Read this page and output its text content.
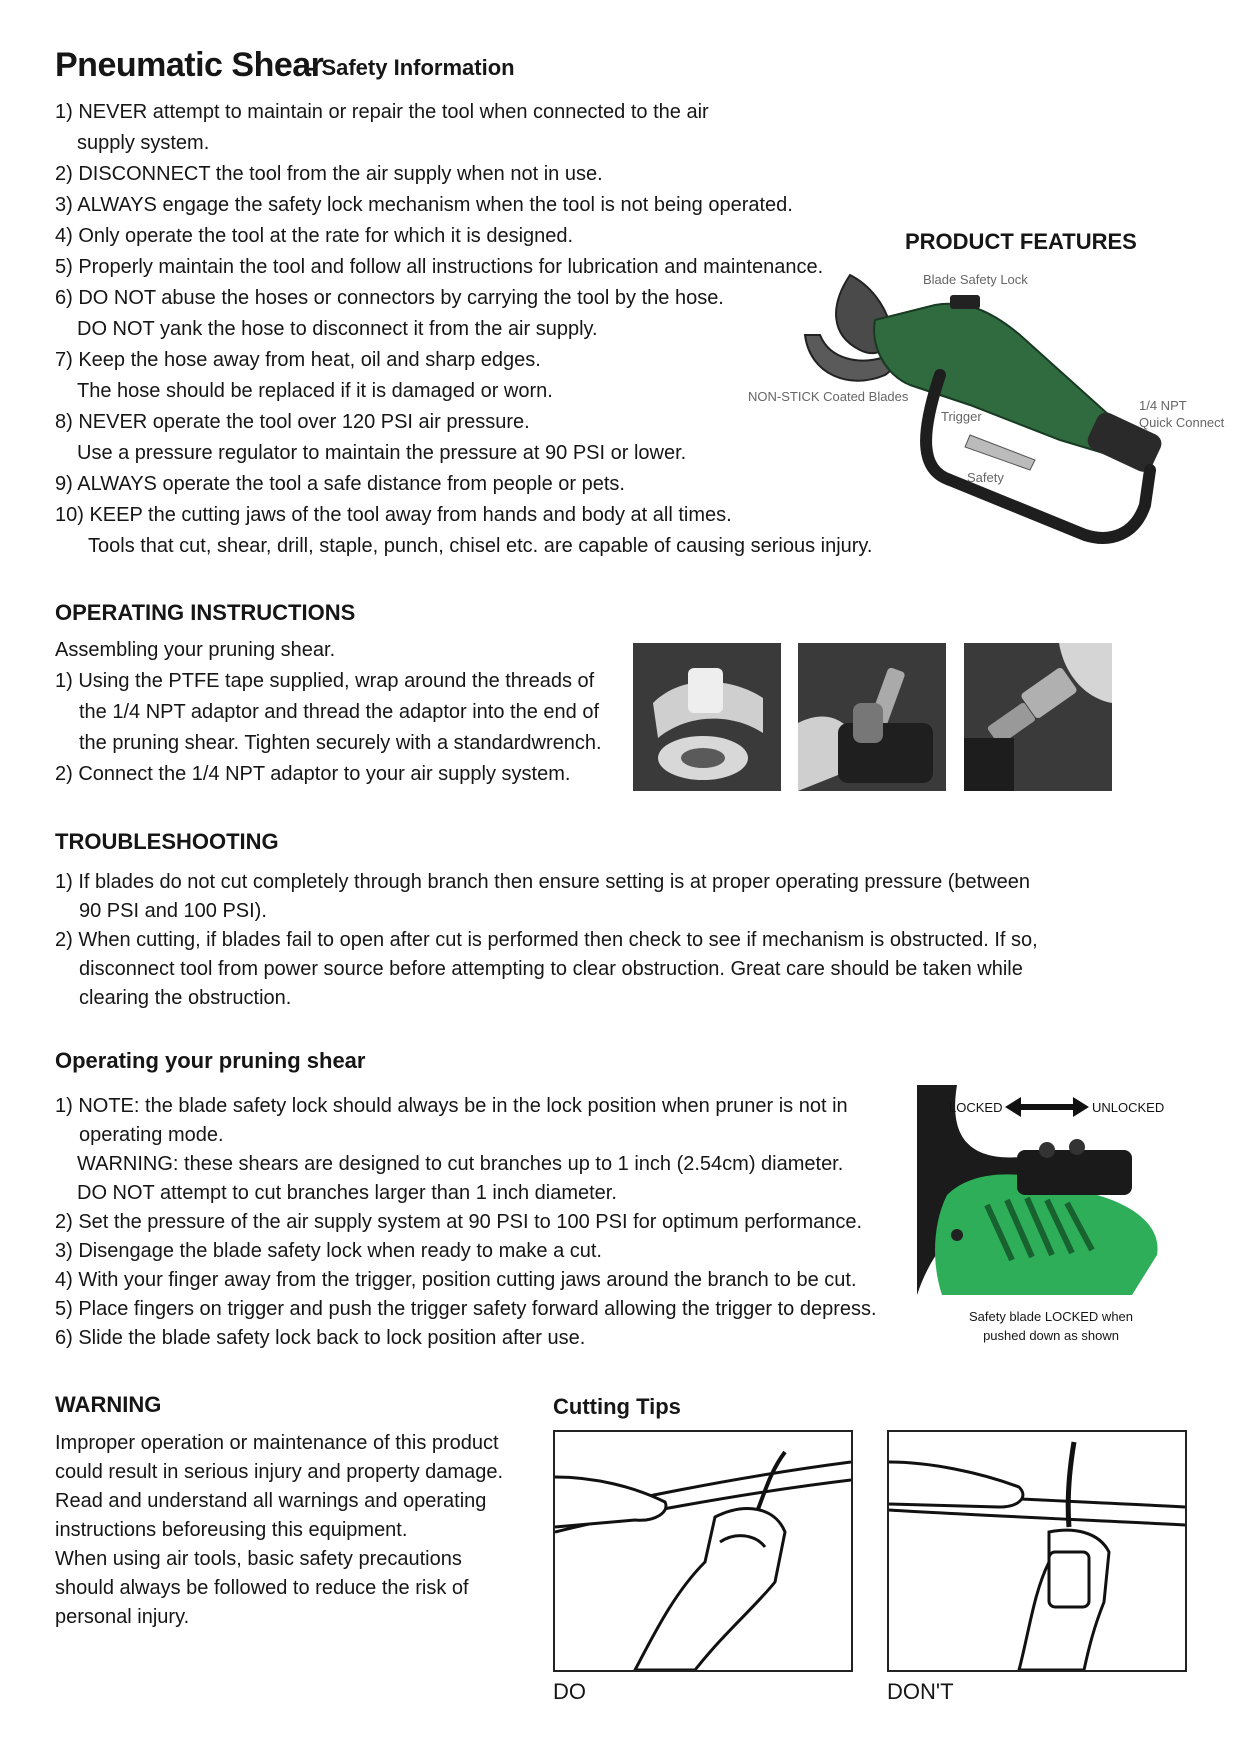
Pneumatic Shear
- Safety Information
1) NEVER attempt to maintain or repair the tool when connected to the air
supply system.
2) DISCONNECT the tool from the air supply when not in use.
3) ALWAYS engage the safety lock mechanism when the tool is not being operated.
4) Only operate the tool at the rate for which it is designed.
5) Properly maintain the tool and follow all instructions for lubrication and maintenance.
6) DO NOT abuse the hoses or connectors by carrying the tool by the hose.
DO NOT yank the hose to disconnect it from the air supply.
7) Keep the hose away from heat, oil and sharp edges.
The hose should be replaced if it is damaged or worn.
8) NEVER operate the tool over 120 PSI air pressure.
Use a pressure regulator to maintain the pressure at 90 PSI or lower.
9) ALWAYS operate the tool a safe distance from people or pets.
10) KEEP the cutting jaws of the tool away from hands and body at all times.
Tools that cut, shear, drill, staple, punch, chisel etc. are capable of causing serious injury.
PRODUCT FEATURES
Blade Safety Lock
NON-STICK Coated Blades
Trigger
Safety
1/4 NPT
Quick Connect
OPERATING INSTRUCTIONS
Assembling your pruning shear.
1) Using the PTFE tape supplied, wrap around the threads of
the 1/4 NPT adaptor and thread the adaptor into the end of
the pruning shear. Tighten securely with a standardwrench.
2) Connect the 1/4 NPT adaptor to your air supply system.
TROUBLESHOOTING
1) If blades do not cut completely through branch then ensure setting is at proper operating pressure (between
90 PSI and 100 PSI).
2) When cutting, if blades fail to open after cut is performed then check to see if mechanism is obstructed. If so,
disconnect tool from power source before attempting to clear obstruction. Great care should be taken while
clearing the obstruction.
Operating your pruning shear
1) NOTE: the blade safety lock should always be in the lock position when pruner is not in
operating mode.
WARNING: these shears are designed to cut branches up to 1 inch (2.54cm) diameter.
DO NOT attempt to cut branches larger than 1 inch diameter.
2) Set the pressure of the air supply system at 90 PSI to 100 PSI for optimum performance.
3) Disengage the blade safety lock when ready to make a cut.
4) With your finger away from the trigger, position cutting jaws around the branch to be cut.
5) Place fingers on trigger and push the trigger safety forward allowing the trigger to depress.
6) Slide the blade safety lock back to lock position after use.
LOCKED	UNLOCKED
Safety blade LOCKED when
pushed down as shown
WARNING
Improper operation or maintenance of this product
could result in serious injury and property damage.
Read and understand all warnings and operating
instructions beforeusing this equipment.
When using air tools, basic safety precautions
should always be followed to reduce the risk of
personal injury.
Cutting Tips
DO	DON'T
